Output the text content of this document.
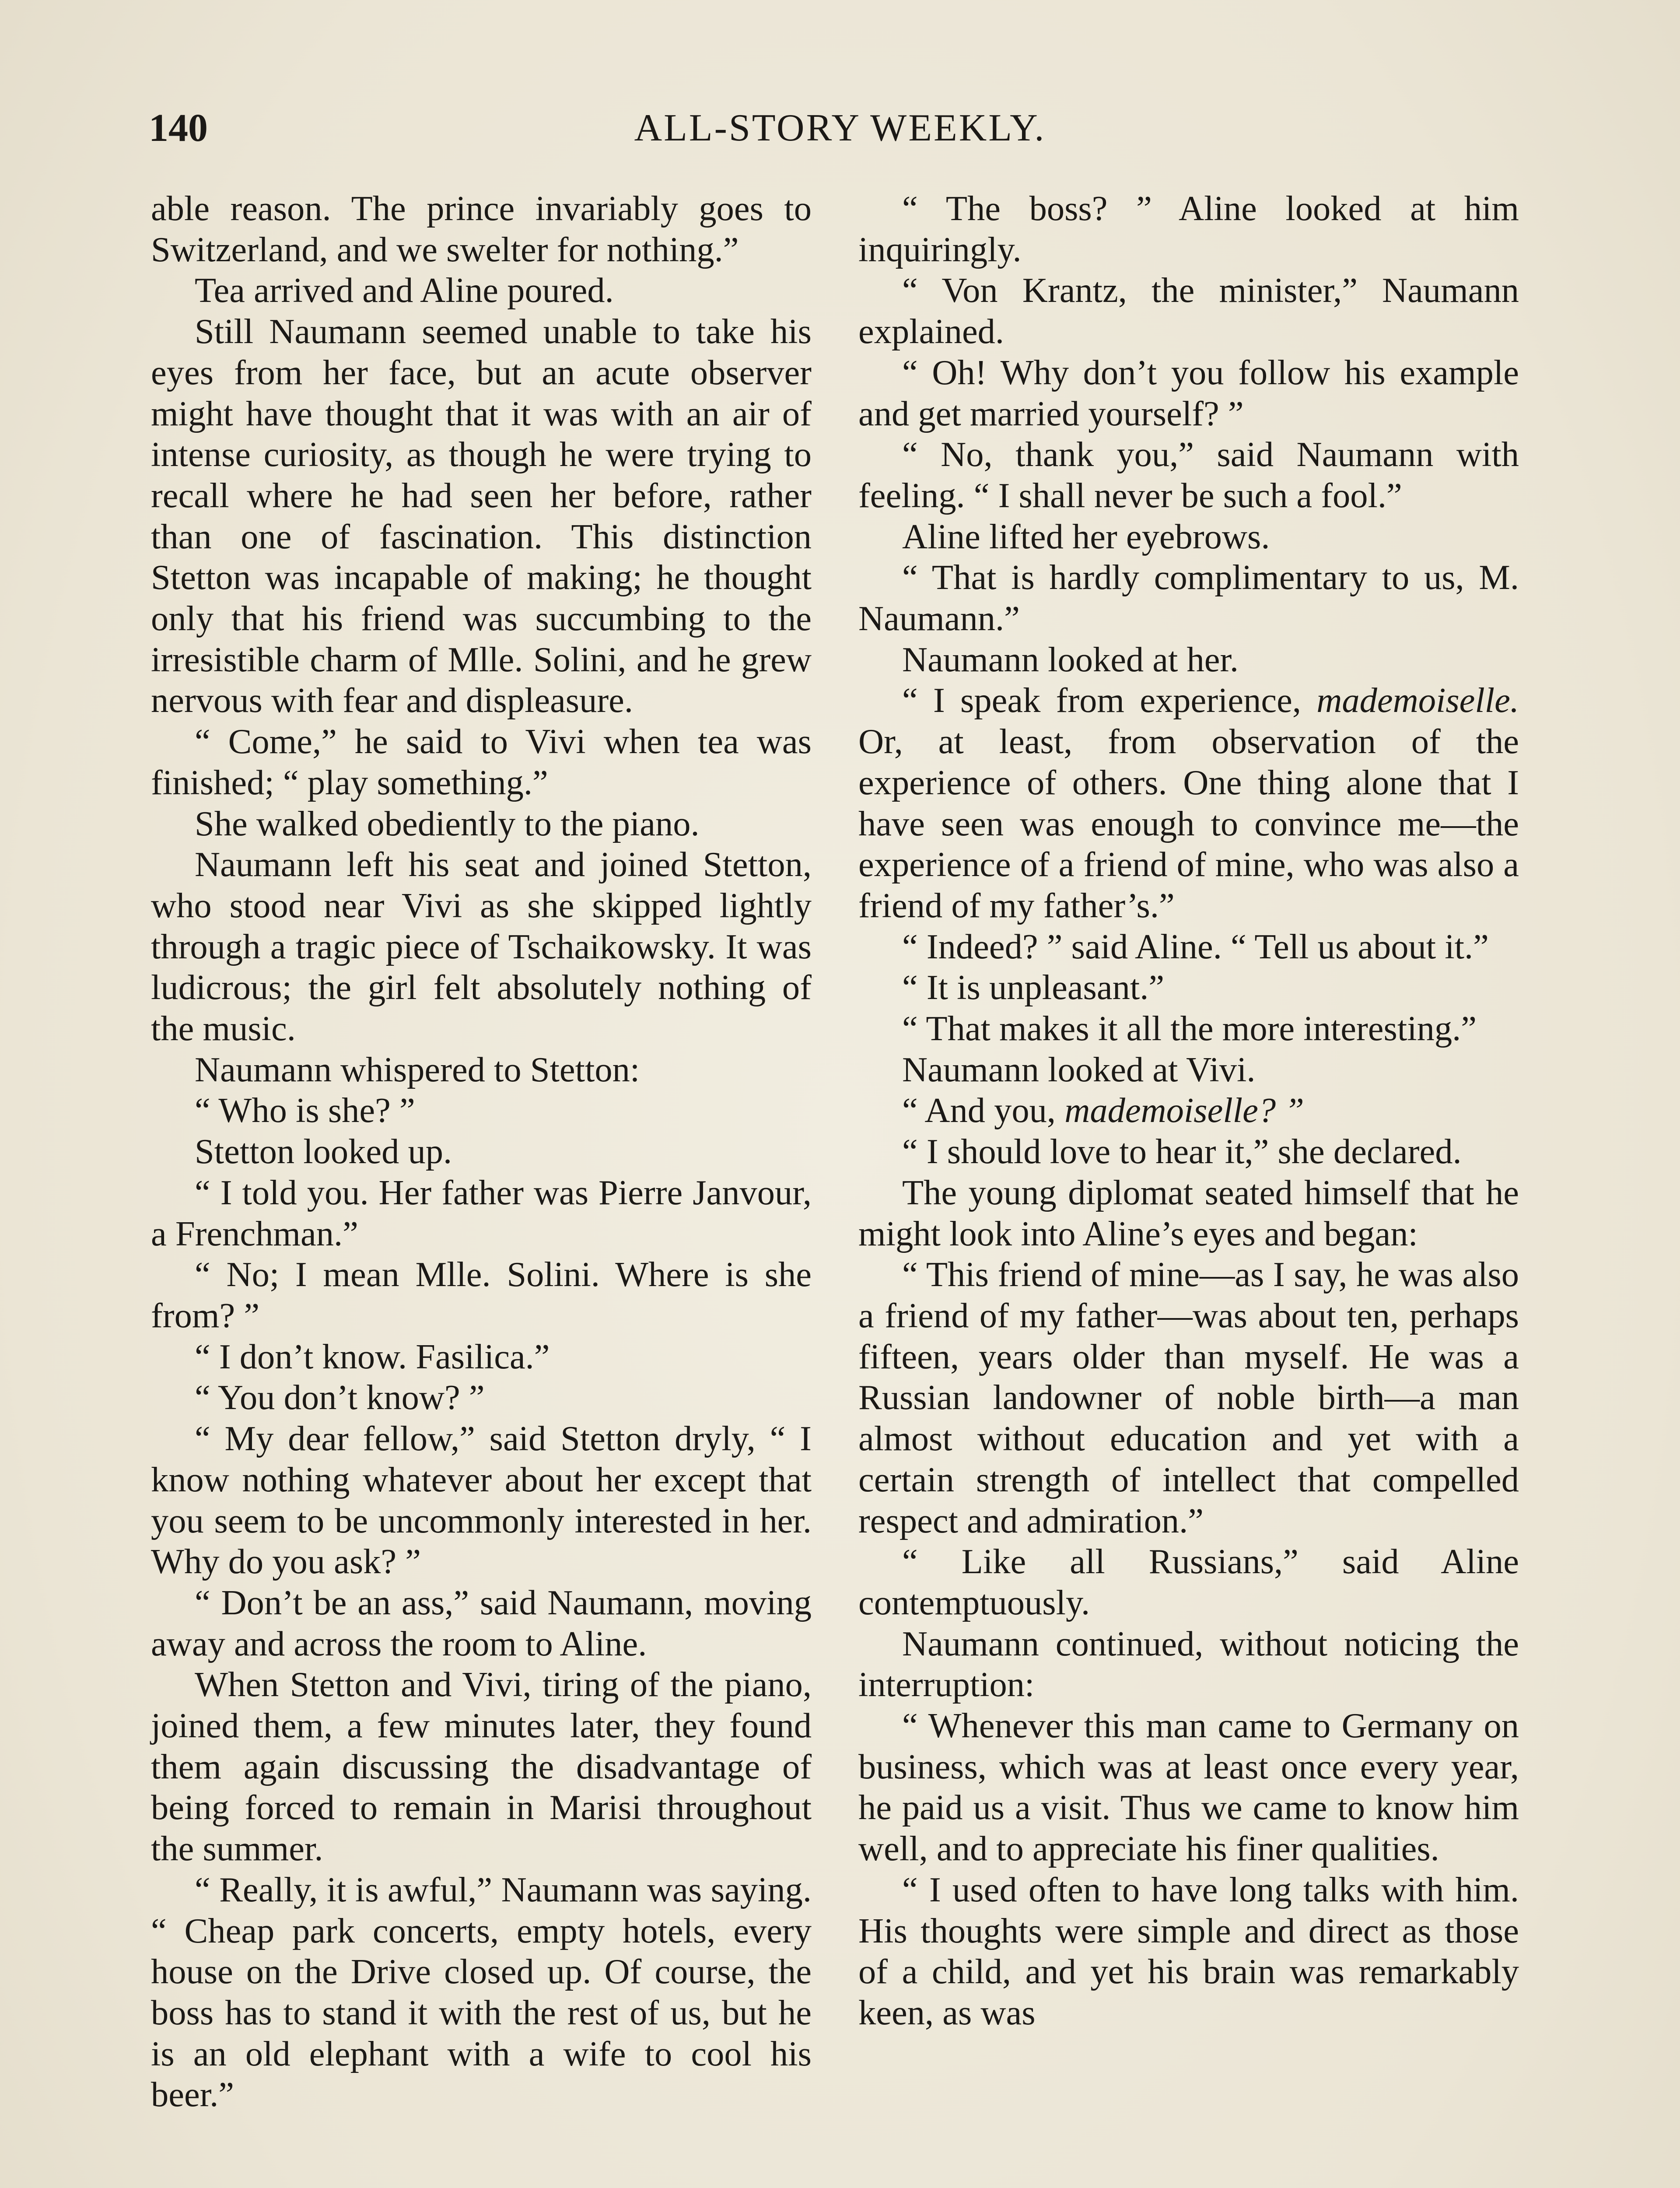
140	ALL-STORY WEEKLY.

able reason. The prince invariably goes to Switzerland, and we swelter for nothing.”

Tea arrived and Aline poured.

Still Naumann seemed unable to take his eyes from her face, but an acute observer might have thought that it was with an air of intense curiosity, as though he were trying to recall where he had seen her before, rather than one of fascination. This distinction Stetton was incapable of making; he thought only that his friend was succumbing to the irresistible charm of Mlle. Solini, and he grew nervous with fear and displeasure.

“ Come,” he said to Vivi when tea was finished; “ play something.”

She walked obediently to the piano.

Naumann left his seat and joined Stetton, who stood near Vivi as she skipped lightly through a tragic piece of Tschaikowsky. It was ludicrous; the girl felt absolutely nothing of the music.

Naumann whispered to Stetton:

“ Who is she? ”

Stetton looked up.

“ I told you. Her father was Pierre Janvour, a Frenchman.”

“ No; I mean Mlle. Solini. Where is she from? ”

“ I don’t know. Fasilica.”

“ You don’t know? ”

“ My dear fellow,” said Stetton dryly, “ I know nothing whatever about her except that you seem to be uncommonly interested in her. Why do you ask? ”

“ Don’t be an ass,” said Naumann, moving away and across the room to Aline.

When Stetton and Vivi, tiring of the piano, joined them, a few minutes later, they found them again discussing the disadvantage of being forced to remain in Marisi throughout the summer.

“ Really, it is awful,” Naumann was saying. “ Cheap park concerts, empty hotels, every house on the Drive closed up. Of course, the boss has to stand it with the rest of us, but he is an old elephant with a wife to cool his beer.”

“ The boss? ” Aline looked at him inquiringly.

“ Von Krantz, the minister,” Naumann explained.

“ Oh! Why don’t you follow his example and get married yourself? ”

“ No, thank you,” said Naumann with feeling. “ I shall never be such a fool.”

Aline lifted her eyebrows.

“ That is hardly complimentary to us, M. Naumann.”

Naumann looked at her.

“ I speak from experience, mademoiselle. Or, at least, from observation of the experience of others. One thing alone that I have seen was enough to convince me—the experience of a friend of mine, who was also a friend of my father’s.”

“ Indeed? ” said Aline. “ Tell us about it.”

“ It is unpleasant.”

“ That makes it all the more interesting.”

Naumann looked at Vivi.

“ And you, mademoiselle? ”

“ I should love to hear it,” she declared.

The young diplomat seated himself that he might look into Aline’s eyes and began:

“ This friend of mine—as I say, he was also a friend of my father—was about ten, perhaps fifteen, years older than myself. He was a Russian landowner of noble birth—a man almost without education and yet with a certain strength of intellect that compelled respect and admiration.”

“ Like all Russians,” said Aline contemptuously.

Naumann continued, without noticing the interruption:

“ Whenever this man came to Germany on business, which was at least once every year, he paid us a visit. Thus we came to know him well, and to appreciate his finer qualities.

“ I used often to have long talks with him. His thoughts were simple and direct as those of a child, and yet his brain was remarkably keen, as was
